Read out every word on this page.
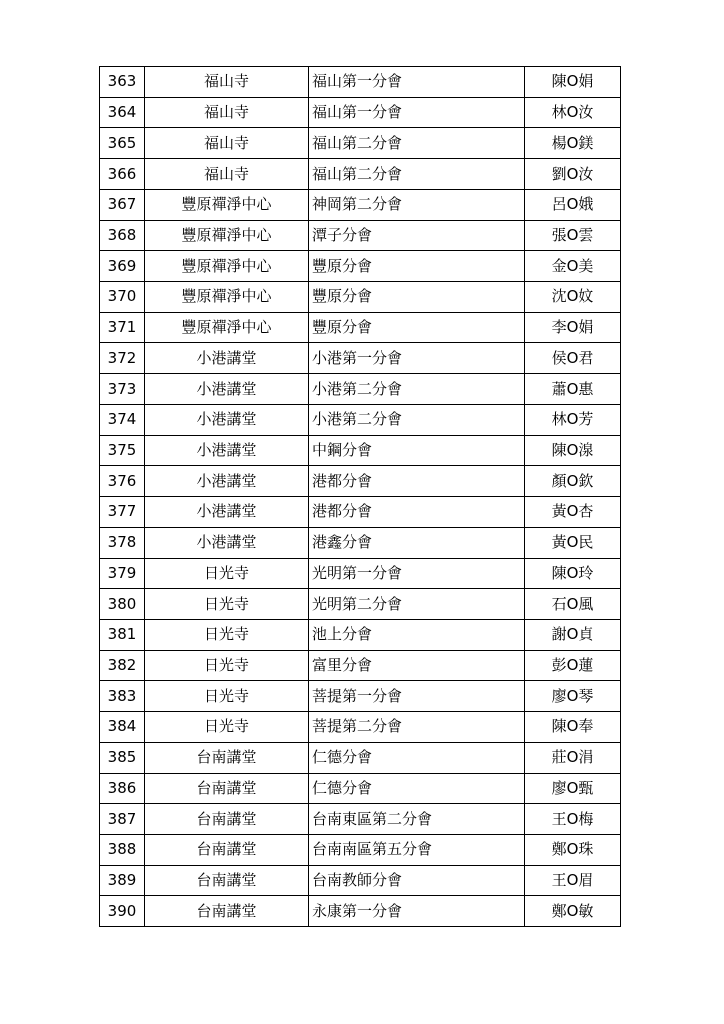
363	福山寺	福山第一分會	陳O娟
364	福山寺	福山第一分會	林O汝
365	福山寺	福山第二分會	楊O鎂
366	福山寺	福山第二分會	劉O汝
367	豐原禪淨中心	神岡第二分會	呂O娥
368	豐原禪淨中心	潭子分會	張O雲
369	豐原禪淨中心	豐原分會	金O美
370	豐原禪淨中心	豐原分會	沈O妏
371	豐原禪淨中心	豐原分會	李O娟
372	小港講堂	小港第一分會	侯O君
373	小港講堂	小港第二分會	蕭O惠
374	小港講堂	小港第二分會	林O芳
375	小港講堂	中鋼分會	陳O湶
376	小港講堂	港都分會	顏O欽
377	小港講堂	港都分會	黃O杏
378	小港講堂	港鑫分會	黃O民
379	日光寺	光明第一分會	陳O玲
380	日光寺	光明第二分會	石O風
381	日光寺	池上分會	謝O貞
382	日光寺	富里分會	彭O蓮
383	日光寺	菩提第一分會	廖O琴
384	日光寺	菩提第二分會	陳O奉
385	台南講堂	仁德分會	莊O涓
386	台南講堂	仁德分會	廖O甄
387	台南講堂	台南東區第二分會	王O梅
388	台南講堂	台南南區第五分會	鄭O珠
389	台南講堂	台南教師分會	王O眉
390	台南講堂	永康第一分會	鄭O敏
